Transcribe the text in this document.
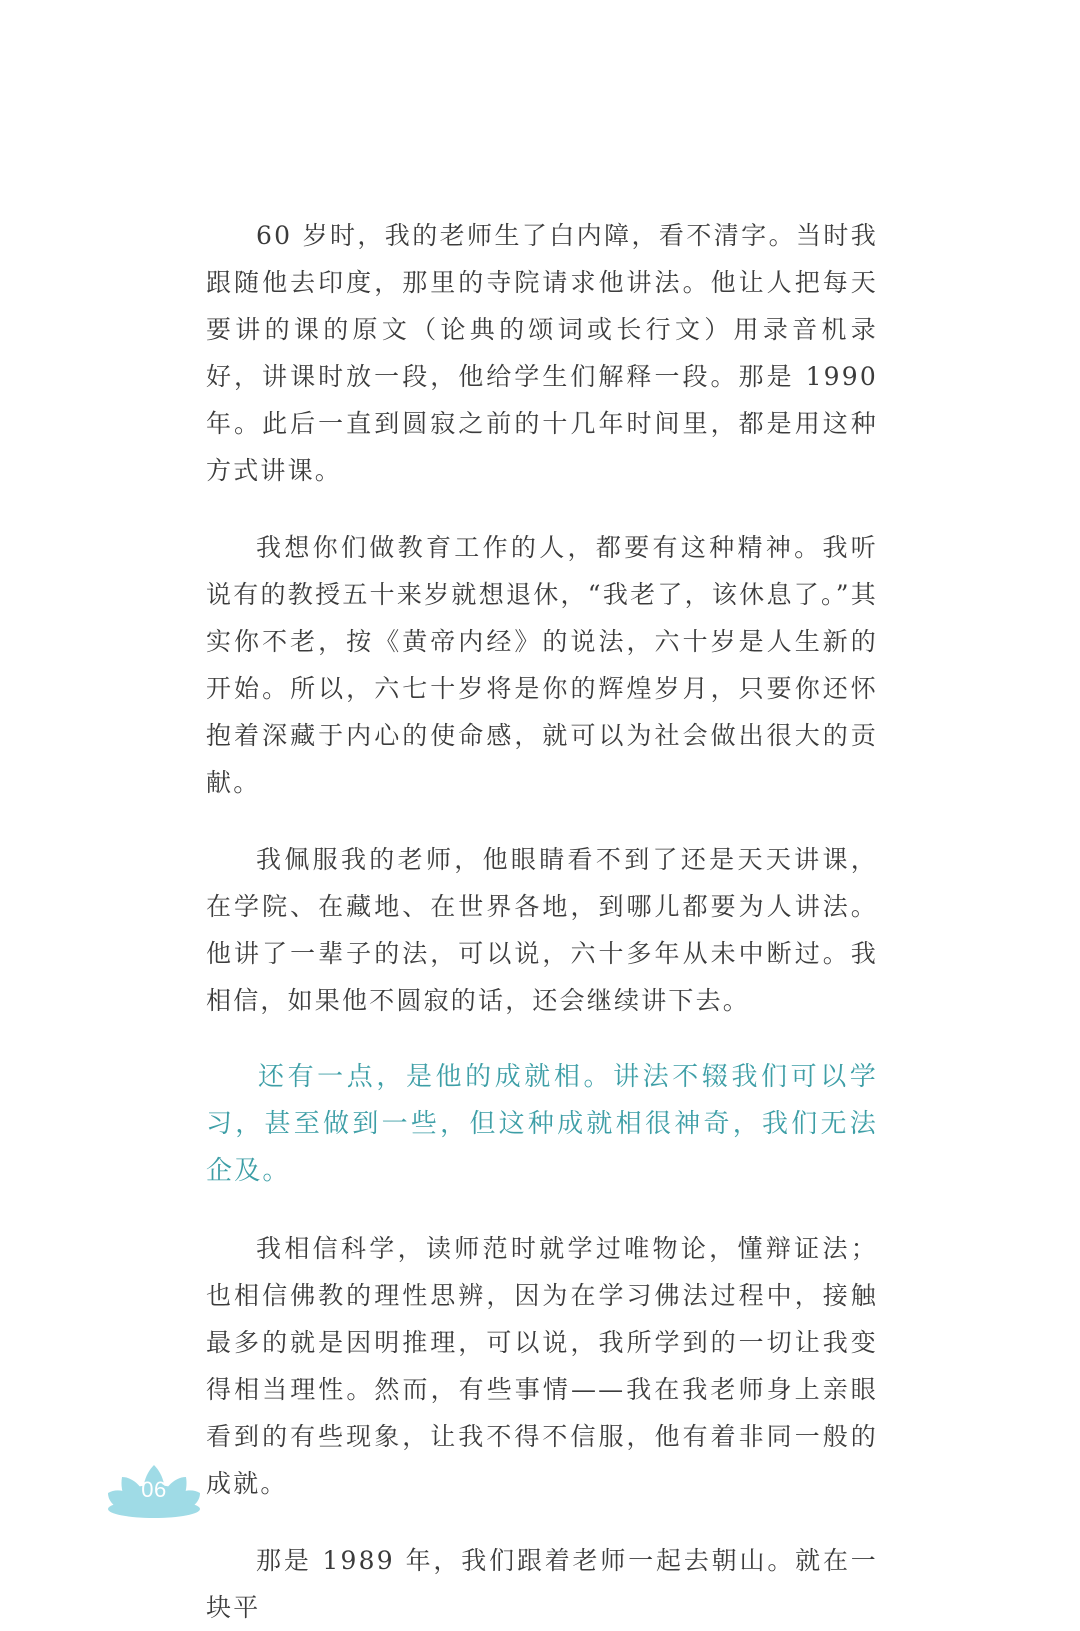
60 岁时，我的老师生了白内障，看不清字。当时我跟随他去印度，那里的寺院请求他讲法。他让人把每天要讲的课的原文（论典的颂词或长行文）用录音机录好，讲课时放一段，他给学生们解释一段。那是 1990 年。此后一直到圆寂之前的十几年时间里，都是用这种方式讲课。

我想你们做教育工作的人，都要有这种精神。我听说有的教授五十来岁就想退休，“我老了，该休息了。”其实你不老，按《黄帝内经》的说法，六十岁是人生新的开始。所以，六七十岁将是你的辉煌岁月，只要你还怀抱着深藏于内心的使命感，就可以为社会做出很大的贡献。

我佩服我的老师，他眼睛看不到了还是天天讲课，在学院、在藏地、在世界各地，到哪儿都要为人讲法。他讲了一辈子的法，可以说，六十多年从未中断过。我相信，如果他不圆寂的话，还会继续讲下去。

还有一点，是他的成就相。讲法不辍我们可以学习，甚至做到一些，但这种成就相很神奇，我们无法企及。

我相信科学，读师范时就学过唯物论，懂辩证法；也相信佛教的理性思辨，因为在学习佛法过程中，接触最多的就是因明推理，可以说，我所学到的一切让我变得相当理性。然而，有些事情——我在我老师身上亲眼看到的有些现象，让我不得不信服，他有着非同一般的成就。

那是 1989 年，我们跟着老师一起去朝山。就在一块平

06
